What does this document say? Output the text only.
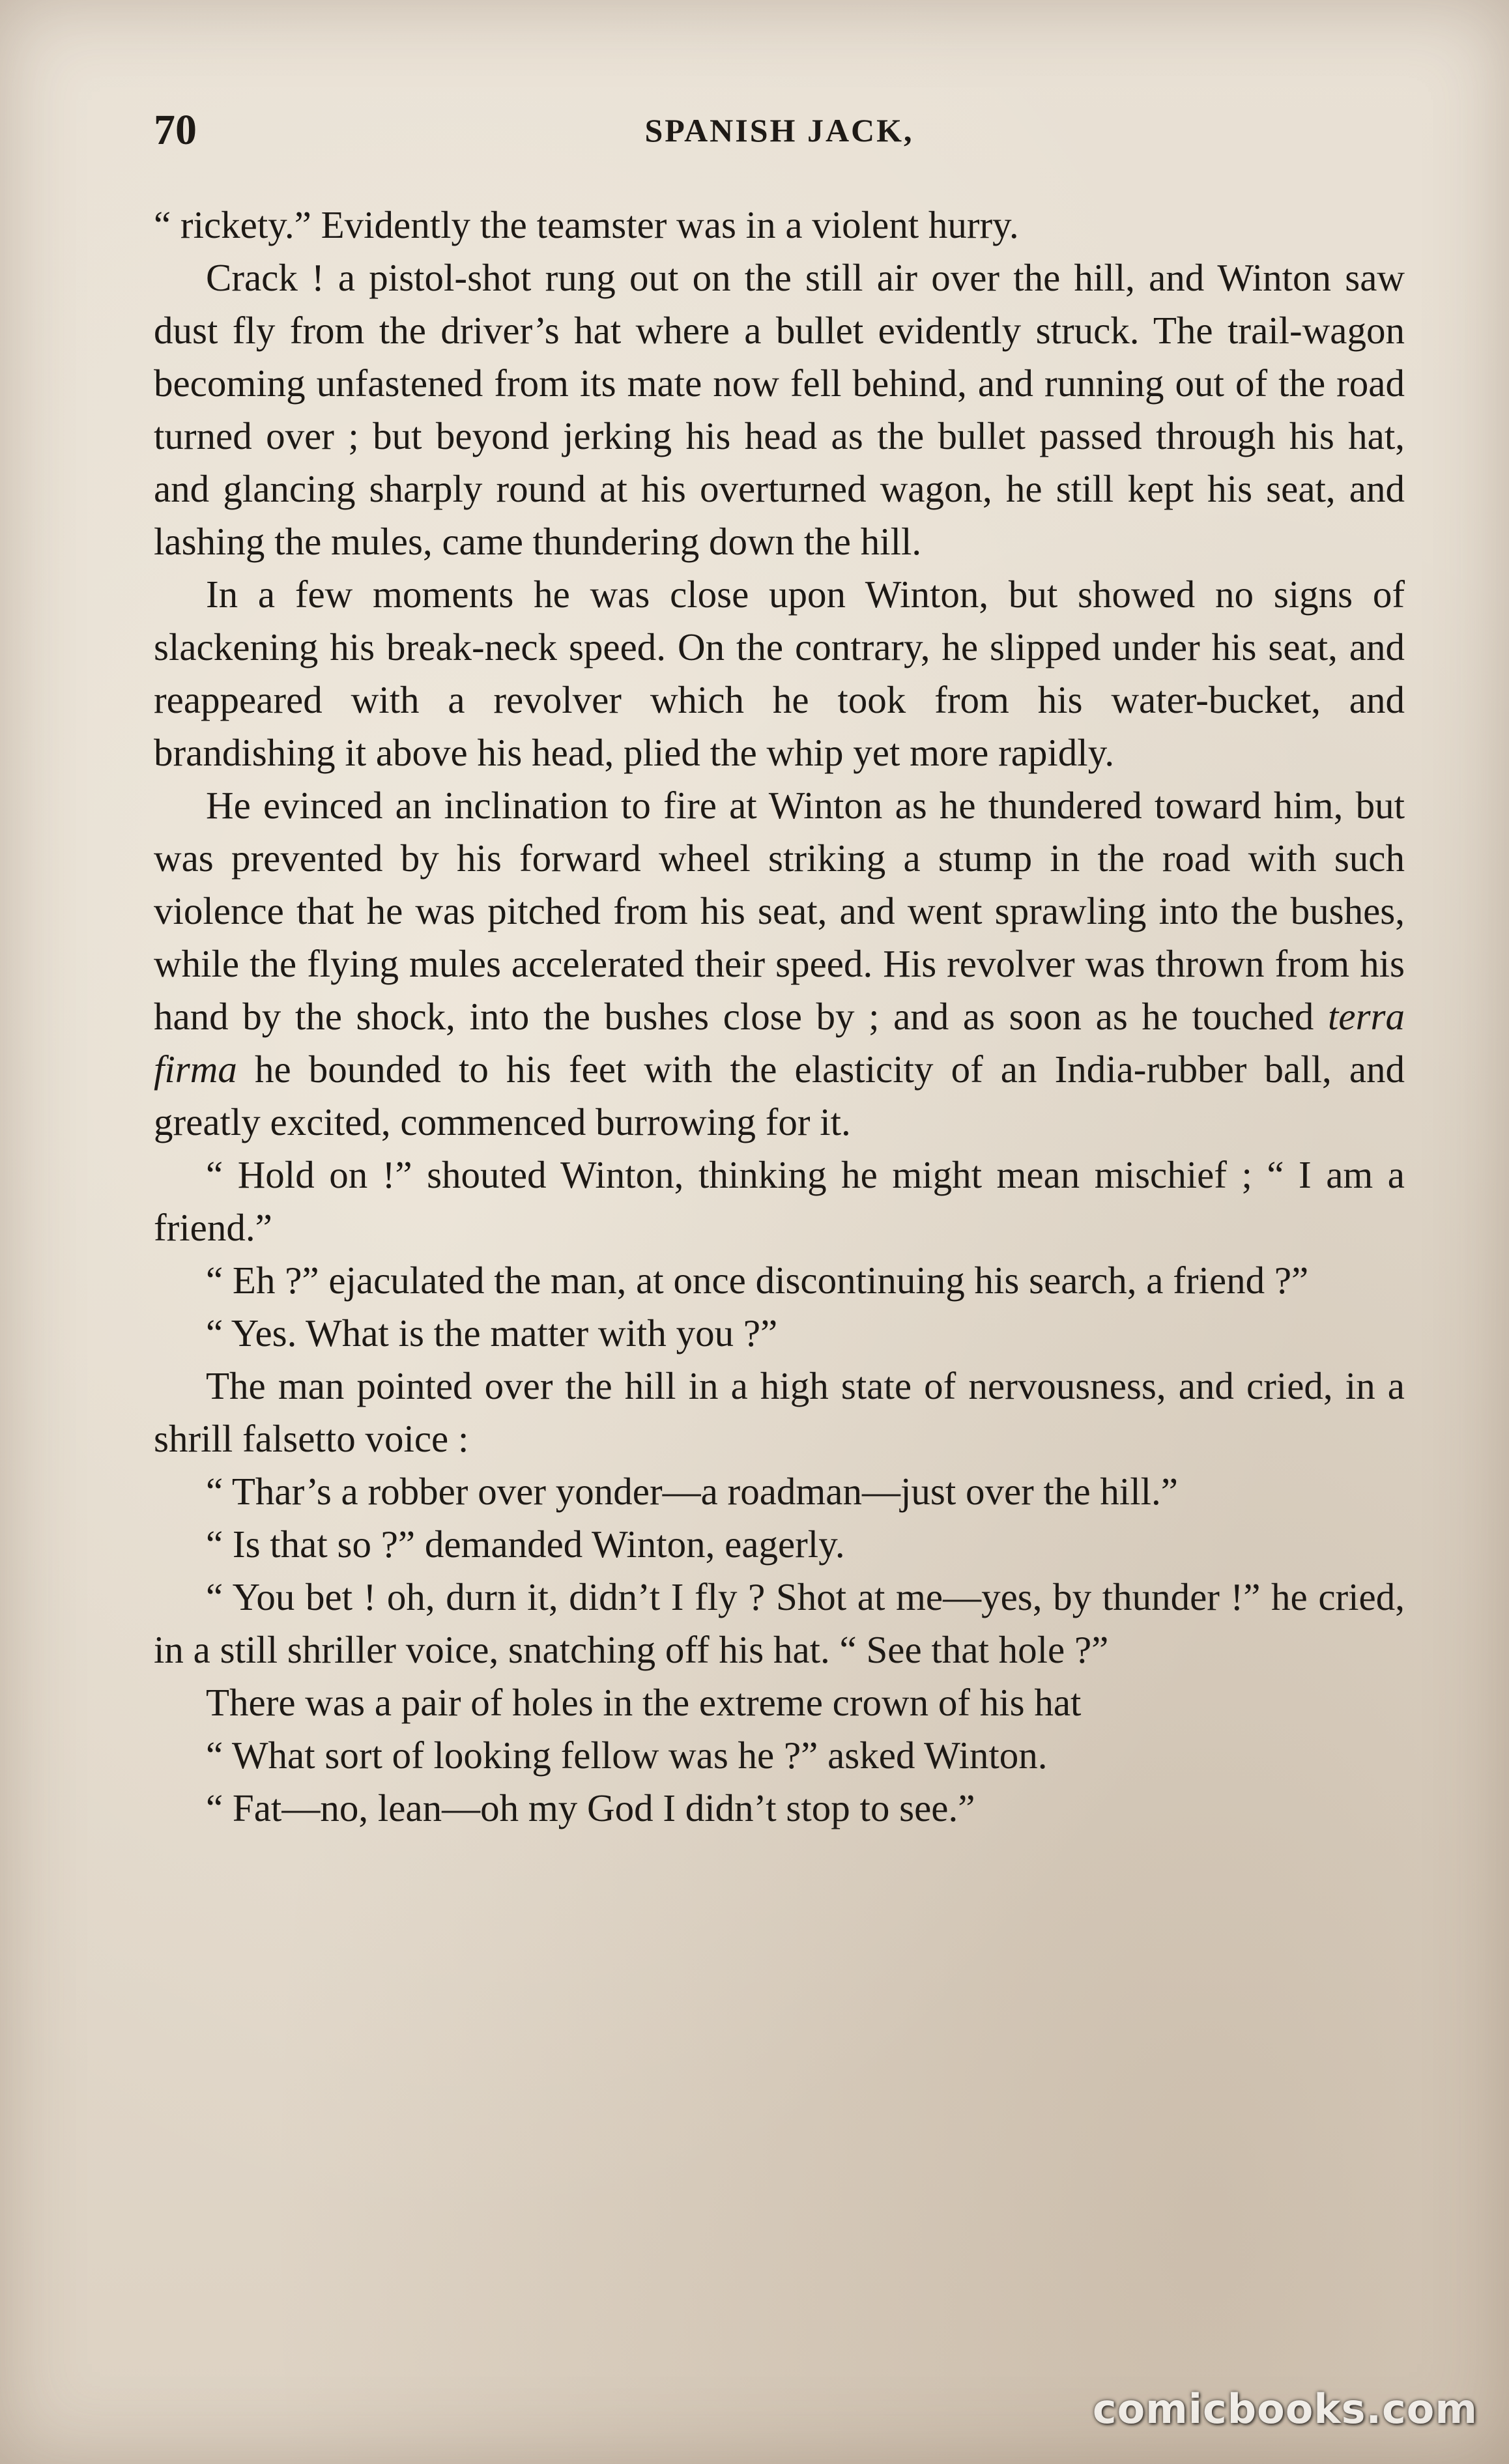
70	SPANISH JACK,

“ rickety.” Evidently the teamster was in a violent hurry.

Crack ! a pistol-shot rung out on the still air over the hill, and Winton saw dust fly from the driver’s hat where a bullet evidently struck. The trail-wagon becoming unfastened from its mate now fell behind, and running out of the road turned over ; but beyond jerking his head as the bullet passed through his hat, and glancing sharply round at his overturned wagon, he still kept his seat, and lashing the mules, came thundering down the hill.

In a few moments he was close upon Winton, but showed no signs of slackening his break-neck speed. On the contrary, he slipped under his seat, and reappeared with a revolver which he took from his water-bucket, and brandishing it above his head, plied the whip yet more rapidly.

He evinced an inclination to fire at Winton as he thundered toward him, but was prevented by his forward wheel striking a stump in the road with such violence that he was pitched from his seat, and went sprawling into the bushes, while the flying mules accelerated their speed. His revolver was thrown from his hand by the shock, into the bushes close by ; and as soon as he touched terra firma he bounded to his feet with the elasticity of an India-rubber ball, and greatly excited, commenced burrowing for it.

“ Hold on !” shouted Winton, thinking he might mean mischief ; “ I am a friend.”

“ Eh ?” ejaculated the man, at once discontinuing his search, a friend ?”

“ Yes. What is the matter with you ?”

The man pointed over the hill in a high state of nervousness, and cried, in a shrill falsetto voice :

“ Thar’s a robber over yonder—a roadman—just over the hill.”

“ Is that so ?” demanded Winton, eagerly.

“ You bet ! oh, durn it, didn’t I fly ? Shot at me—yes, by thunder !” he cried, in a still shriller voice, snatching off his hat. “ See that hole ?”

There was a pair of holes in the extreme crown of his hat

“ What sort of looking fellow was he ?” asked Winton.

“ Fat—no, lean—oh my God I didn’t stop to see.”

comicbooks.com
